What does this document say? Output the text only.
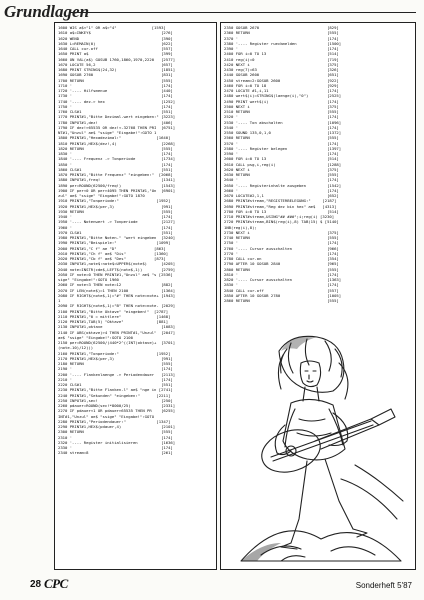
Grundlagen
1600 WIS a$<"1" OR a$>"4"               [1593]
1610 a$=INKEY$                              [276]
1620 WEND                                   [390]
1630 L=REMAIN(0)                            [622]
1640 CALL cur.off                           [557]
1650 PRINT a$                               [399]
1660 ON VAL(a$) GOSUB 1760,1860,1970,2220   [2577]
1670 LOCATE 56,2                            [657]
1680 PRINT STRING$(24,32)                   [1851]
1690 GOSUB 2760                             [831]
1700 RETURN                                 [555]
1710 '                                      [174]
1720 '---- Hilfsmenue                       [440]
1730 '                                      [174]
1740 '---- dez-> hex                        [1252]
1750 '                                      [174]
1760 CLS#1                                  [551]
1770 PRINT#1,"Bitte Dezimal-wert eingeben:" [3223]
1780 INPUT#1,dez!                           [406]
1790 IF dez!>65535 OR dez!<-32768 THEN PRI  [6751]
NT#1,"Unzul" ae$ "ssige" "Eingabe!":GOTO 1
1800 PRINT#1,"Hexadezimal:"               [1640]
1810 PRINT#1,HEX$(dez!,4)                   [2268]
1820 RETURN                                 [555]
1830 '                                      [174]
1840 '---- Frequenz -> Tonperiode           [1734]
1850 '                                      [174]
1860 CLS#1                                  [551]
1870 PRINT#1,"Bitte Frequenz" "eingeben:"  [2068]
1880 INPUT#1,freq!                          [1341]
1890 per=ROUND(62500/freq!)                 [1543]
1900 IF per<0 OR per>4095 THEN PRINT#1,"Un  [6901]
zul" ae$ "ssige" "Eingabe!":GOTO 1870
1910 PRINT#1,"Tonperiode:"                [1952]
1920 PRINT#1,HEX$(per,3)                    [991]
1930 RETURN                                 [555]
1940 '                                      [174]
1950 '---- Notenwert -> Tonperiode          [2127]
1960 '                                      [174]
1970 CLS#1                                  [551]
1980 PRINT#1,"Bitte Noten-" "wert eingeben  [3240]
1990 PRINT#1,"Beispiele:"                 [1099]
2000 PRINT#1,"C f" ae "D"                [863]
2010 PRINT#1,"Ch f" ae$ "Dis"            [1360]
2020 PRINT#1,"Cb f" ae$ "Des"            [873]
2030 INPUT#1,note$:note$=UPPER$(note$)      [4205]
2040 note=INSTR(cde$,LEFT$(note$,1))        [2759]
2050 IF note=0 THEN PRINT#1,"Unzul" ae$ "s [2536]
sige" "Eingabe!":GOTO 1960
2060 IF note<3 THEN note=12                 [882]
2070 IF LEN(note$)=1 THEN 2100              [1364]
2080 IF RIGHT$(note$,1)="#" THEN note=note+ [1943]
1
2090 IF RIGHT$(note$,1)="B" THEN note=note- [2029]
2100 PRINT#1,"Bitte Oktave" "eingeben!"  [2787]
2110 PRINT#1,"0 = mittlere"               [1468]
2120 PRINT#1,TAB(5) "Oktave"              [881]
2130 INPUT#1,oktave                         [1083]
2140 IF ABS(oktave)>4 THEN PRINT#1,"Unzul"  [2047]
ae$ "ssige" "Eingabe!":GOTO 2100
2150 per=ROUND(62500/(440*2^((INT(oktave)+  [3701]
(note-10)/12)))
2160 PRINT#1,"Tonperiode:"                [1952]
2170 PRINT#1,HEX$(per,3)                    [991]
2180 RETURN                                 [555]
2190 '                                      [174]
2200 '---- Flankenlaenge -> Periodendauer   [2113]
2210 '                                      [174]
2220 CLS#1                                  [551]
2230 PRINT#1,"Bitte Flanken-l" ae$ "nge in [2741]
2240 PRINT#1,"Sekunden" "eingeben:"       [2211]
2250 INPUT#1,sec!                           [250]
2260 pdauer=ROUND(sec!*8000/25)             [2331]
2270 IF pdauer<1 OR pdauer>65535 THEN PR    [6255]
INT#1,"Unzul" ae$ "ssige" "Eingabe!":GOTO
2280 PRINT#1,"Periodendauer:"             [1347]
2290 PRINT#1,HEX$(pdauer,4)                 [2101]
2300 RETURN                                 [555]
2310 '                                      [174]
2320 '---- Register initialisieren          [1636]
2330 '                                      [174]
2340 stream=8                               [261]
2350 GOSUB 2670                             [829]
2360 RETURN                                 [555]
2370 '                                      [174]
2380 '---- Register rueckmelden             [1500]
2390 '                                      [174]
2400 FOR i=0 TO 13                          [514]
2410 reg(i)=0                               [719]
2420 NEXT i                                 [375]
2430 reg(7)=63                              [326]
2440 GOSUB 2600                             [651]
2450 stream=2:GOSUB 2600                    [922]
2460 FOR i=0 TO 18                          [929]
2470 LOCATE #1,i,11                         [174]
2480 wert$(i)=STRING$(laenge(i),"0")        [2525]
2490 PRINT wert$(i)                         [174]
2500 NEXT i                                 [375]
2510 RETURN                                 [555]
2520 '                                      [174]
2530 '---- Ton abschalten                   [1096]
2540 '                                      [174]
2550 SOUND 135,0,1,0                        [1372]
2560 RETURN                                 [555]
2570 '                                      [174]
2580 '---- Register belegen                 [1397]
2590 '                                      [174]
2600 FOR i=0 TO 13                          [514]
2610 CALL psg,i,reg(i)                      [1288]
2620 NEXT i                                 [375]
2630 RETURN                                 [555]
2640 '                                      [174]
2650 '---- Registerinhalte ausgeben         [1542]
2660 '                                      [174]
2670 LOCATE#2,1,1                           [652]
2680 PRINT#stream,"REGISTERBELEGUNG:"     [2187]
2690 PRINT#stream,"Reg dez bin hex" ae$   [4313]
2700 FOR i=0 TO 13                          [514]
2710 PRINT#stream,USING"## ###";i;reg(i) [3230]
2720 PRINT#stream,BIN$(reg(i),8) TAB(15) $ [5140]
1NB(reg(i),8);
2730 NEXT i                                 [375]
2740 RETURN                                 [555]
2750 '                                      [174]
2760 '---- Cursor ausschalten               [966]
2770 '                                      [174]
2780 CALL cur.on                            [354]
2790 AFTER 10 GOSUB 2840                    [965]
2800 RETURN                                 [555]
2810 '                                      [174]
2820 '---- Cursor ausschalten               [1363]
2830 '                                      [174]
2840 CALL cur.off                           [557]
2850 AFTER 10 GOSUB 2780                    [1005]
2860 RETURN                                 [555]
28 CPC	Sonderheft 5'87
